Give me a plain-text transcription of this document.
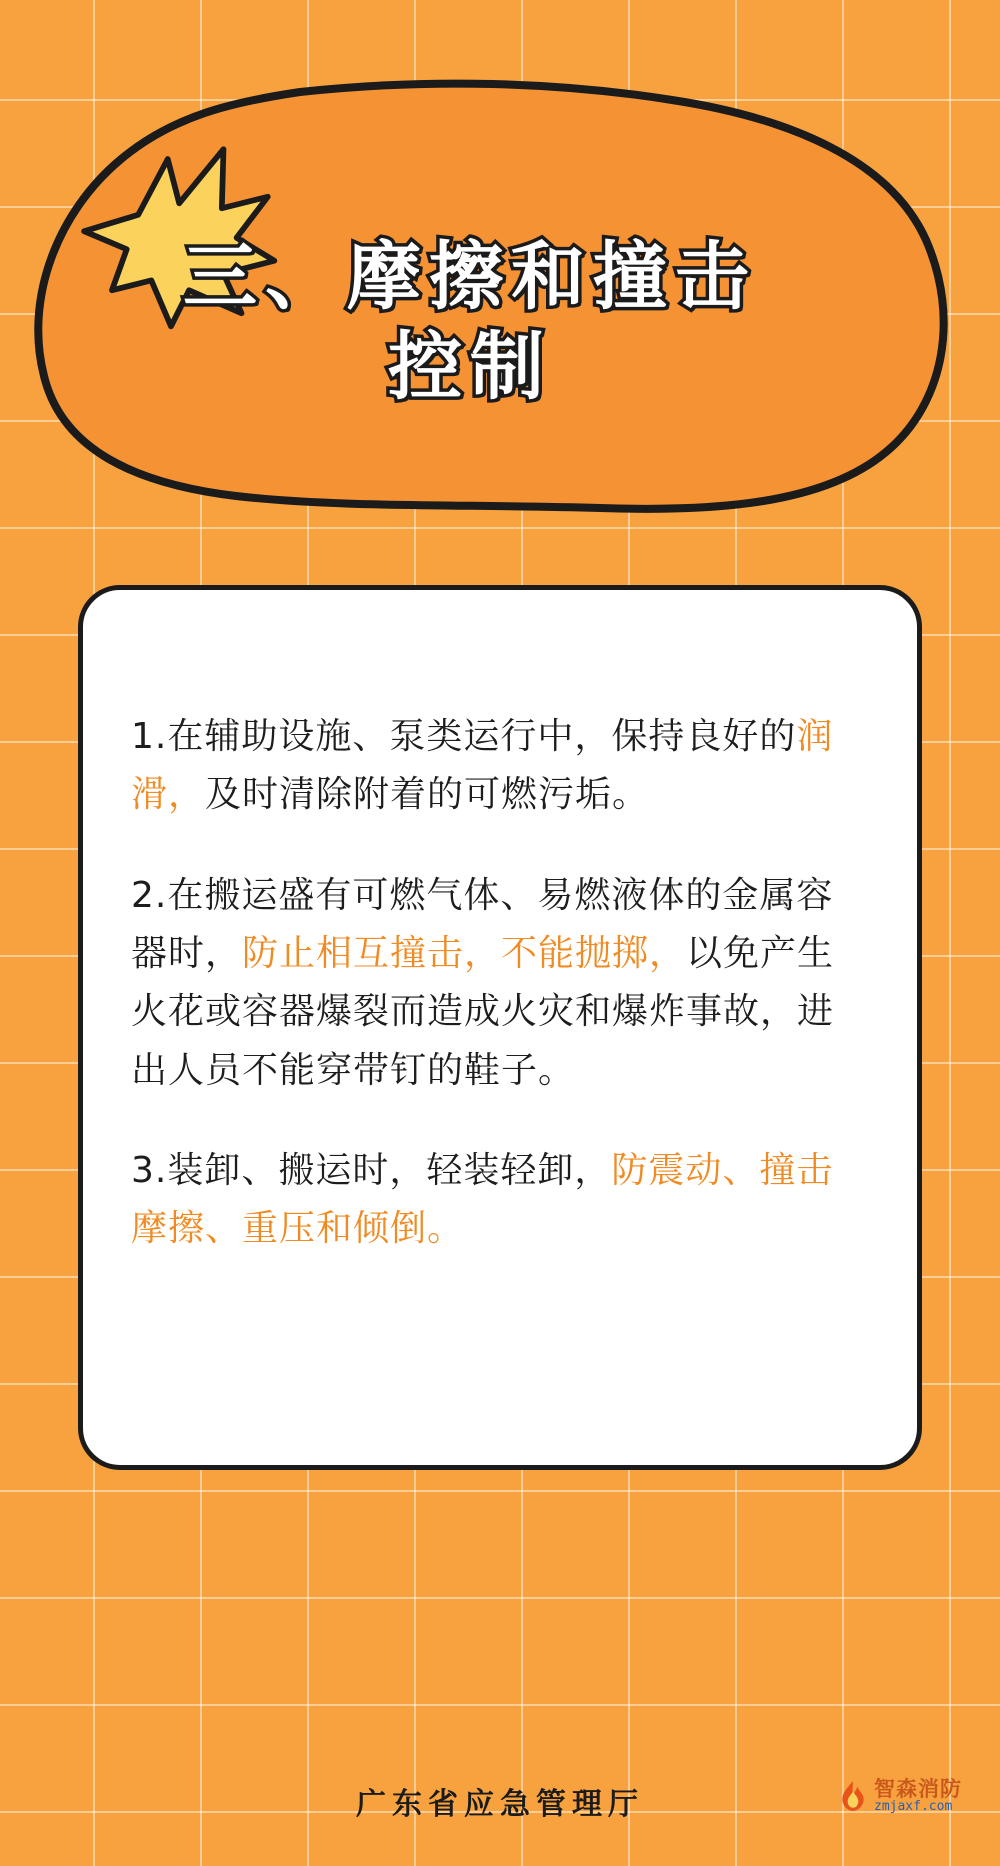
三、摩擦和撞击
控制

1.在辅助设施、泵类运行中，保持良好的润滑，及时清除附着的可燃污垢。

2.在搬运盛有可燃气体、易燃液体的金属容器时，防止相互撞击，不能抛掷，以免产生火花或容器爆裂而造成火灾和爆炸事故，进出人员不能穿带钉的鞋子。

3.装卸、搬运时，轻装轻卸，防震动、撞击摩擦、重压和倾倒。

广东省应急管理厅	智森消防
zmjaxf.com
